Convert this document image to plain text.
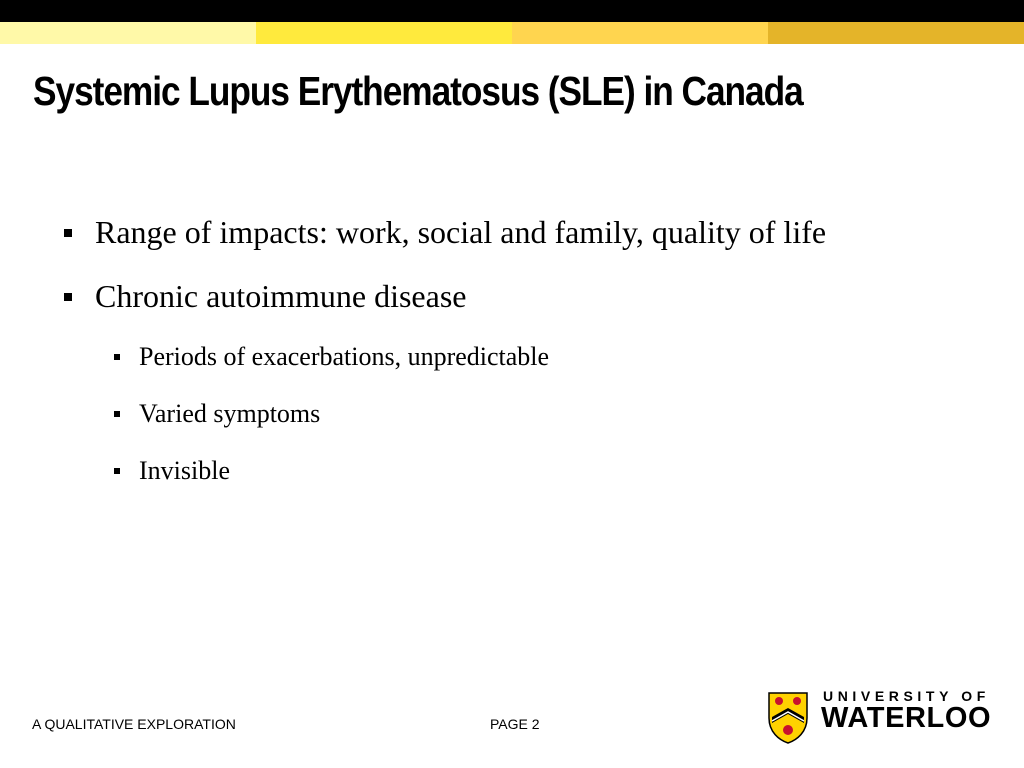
Systemic Lupus Erythematosus (SLE) in Canada
Range of impacts: work, social and family, quality of life
Chronic autoimmune disease
Periods of exacerbations, unpredictable
Varied symptoms
Invisible
A QUALITATIVE EXPLORATION	PAGE 2
UNIVERSITY OF
WATERLOO
